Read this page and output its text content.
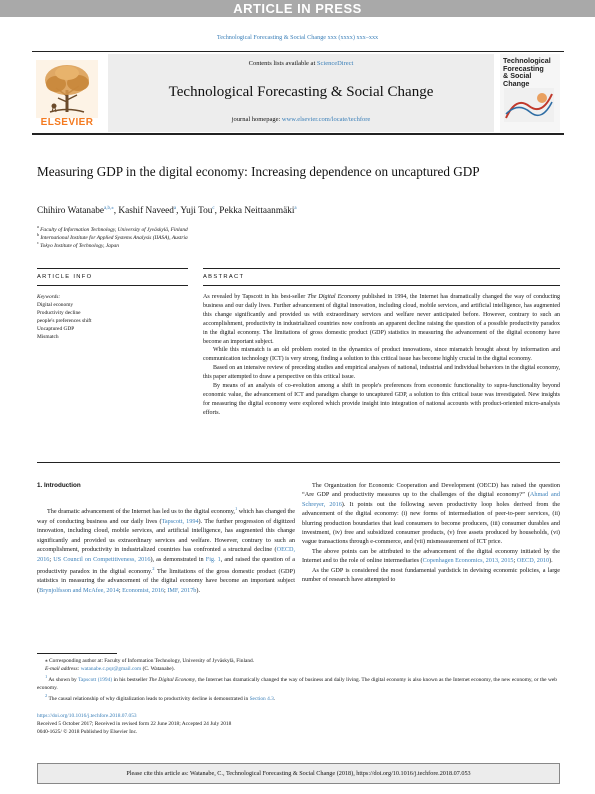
ARTICLE IN PRESS
Technological Forecasting & Social Change xxx (xxxx) xxx–xxx
ELSEVIER
Contents lists available at ScienceDirect
Technological Forecasting & Social Change
journal homepage: www.elsevier.com/locate/techfore
Technological
Forecasting
& Social
Change
Measuring GDP in the digital economy: Increasing dependence on uncaptured GDP
Chihiro Watanabe$^{a,b,⁎}$, Kashif Naveed$^a$, Yuji Tou$^c$, Pekka Neittaanmäki$^a$
$^a$ Faculty of Information Technology, University of Jyväskylä, Finland
$^b$ International Institute for Applied Systems Analysis (IIASA), Austria
$^c$ Tokyo Institute of Technology, Japan
ARTICLE INFO	ABSTRACT
Keywords:
Digital economy
Productivity decline
people's preferences shift
Uncaptured GDP
Mismatch

As revealed by Tapscott in his best-seller The Digital Economy published in 1994, the Internet has dramatically changed the way of conducting business and our daily lives. Further advancement of digital innovation, including cloud, mobile services, and artificial intelligence, has augmented this change significantly and provided us with extraordinary services and welfare never anticipated before. However, contrary to such an accomplishment, productivity in industrialized countries now confronts an apparent decline raising the question of a possible productivity paradox in the digital economy. The limitations of gross domestic product (GDP) statistics in measuring the advancement of the digital economy have become an important subject.

While this mismatch is an old problem rooted in the dynamics of product innovations, since mismatch brought about by information and communication technology (ICT) is very strong, finding a solution to this critical issue has become highly crucial in the digital economy.

Based on an intensive review of preceding studies and empirical analyses of national, industrial and individual behaviors in the digital economy, this paper attempted to draw a perspective on this critical issue.

By means of an analysis of co-evolution among a shift in people's preferences from economic functionality to supra-functionality beyond economic value, the advancement of ICT and paradigm change to uncaptured GDP, a solution to this critical issue was investigated. New insights for measuring the digital economy were explored which provide insight into integration of national accounts with product-oriented micro-analysis efforts.

1. Introduction

The dramatic advancement of the Internet has led us to the digital economy,$^1$ which has changed the way of conducting business and our daily lives (Tapscott, 1994). The further progression of digitized innovation, including cloud, mobile services, and artificial intelligence, has augmented this change significantly and provided us extraordinary services and welfare. However, contrary to such an accomplishment, productivity in industrialized countries has confronted a structural decline (OECD, 2016; US Council on Competitiveness, 2016), as demonstrated in Fig. 1, and raised the question of a productivity paradox in the digital economy.$^2$ The limitations of the gross domestic product (GDP) statistics in measuring the advancement of the digital economy have become an important subject (Brynjolfsson and McAfee, 2014; Economist, 2016; IMF, 2017b).

The Organization for Economic Cooperation and Development (OECD) has raised the question “Are GDP and productivity measures up to the challenges of the digital economy?” (Ahmad and Schreyer, 2016). It points out the following seven productivity loop holes derived from the advancement of the digital economy: (i) new forms of intermediation of peer-to-peer services, (ii) blurring production boundaries that lead consumers to become producers, (iii) consumer durables and investment, (iv) free and subsidized consumer products, (v) free assets produced by households, (vi) vague transactions through e-commerce, and (vii) mismeasurement of ICT price.

The above points can be attributed to the advancement of the digital economy initiated by the Internet and to the role of online intermediaries (Copenhagen Economics, 2013, 2015; OECD, 2010).

As the GDP is considered the most fundamental yardstick in devising economic policies, a large number of research have attempted to

⁎ Corresponding author at: Faculty of Information Technology, University of Jyväskylä, Finland.

E-mail address: watanabe.c.pqr@gmail.com (C. Watanabe).

$^1$ As shown by Tapscott (1994) in his bestseller The Digital Economy, the Internet has dramatically changed the way of business and daily living. The digital economy is also known as the Internet economy, the new economy, or the web economy.

$^2$ The causal relationship of why digitalization leads to productivity decline is demonstrated in Section 4.3.

https://doi.org/10.1016/j.techfore.2018.07.053
Received 5 October 2017; Received in revised form 22 June 2018; Accepted 24 July 2018
0040-1625/ © 2018 Published by Elsevier Inc.
Please cite this article as: Watanabe, C., Technological Forecasting & Social Change (2018), https://doi.org/10.1016/j.techfore.2018.07.053
